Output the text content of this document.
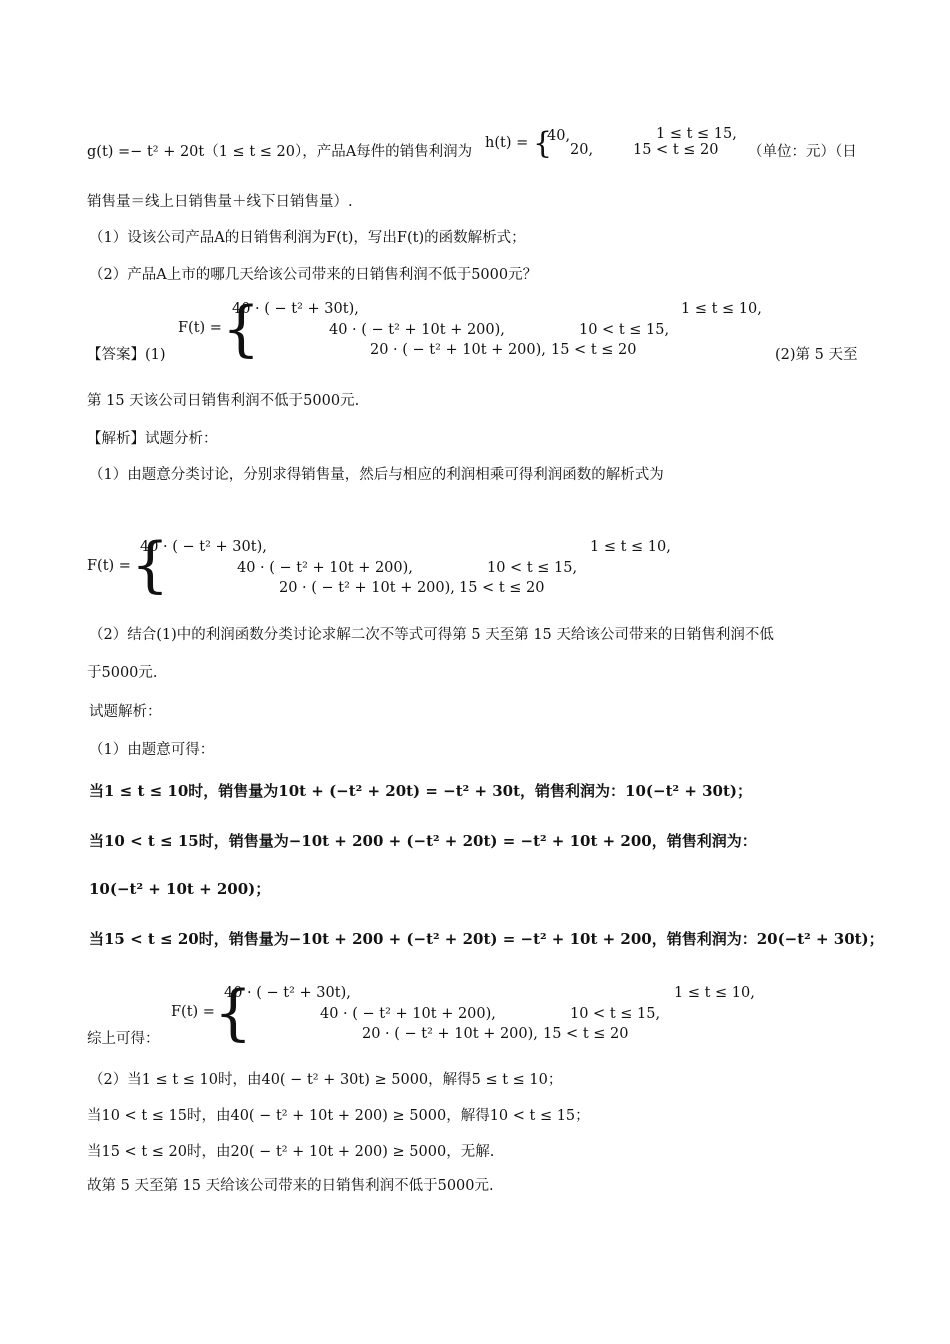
g(t) =− t² + 20t（1 ≤ t ≤ 20），产品A每件的销售利润为
h(t) = {
40,	1 ≤ t ≤ 15,
20,	15 < t ≤ 20 （单位：元）（日
销售量＝线上日销售量＋线下日销售量）.
（1）设该公司产品A的日销售利润为F(t)，写出F(t)的函数解析式；
（2）产品A上市的哪几天给该公司带来的日销售利润不低于5000元？
F(t) = {
40 · ( − t² + 30t),	1 ≤ t ≤ 10,
40 · ( − t² + 10t + 200),	10 < t ≤ 15,
20 · ( − t² + 10t + 200), 15 < t ≤ 20
【答案】(1)	(2)第 5 天至
第 15 天该公司日销售利润不低于5000元.
【解析】试题分析：
（1）由题意分类讨论，分别求得销售量，然后与相应的利润相乘可得利润函数的解析式为
F(t) = {
40 · ( − t² + 30t),	1 ≤ t ≤ 10,
40 · ( − t² + 10t + 200),	10 < t ≤ 15,
20 · ( − t² + 10t + 200), 15 < t ≤ 20
（2）结合(1)中的利润函数分类讨论求解二次不等式可得第 5 天至第 15 天给该公司带来的日销售利润不低
于5000元.
试题解析：
（1）由题意可得：
当1 ≤ t ≤ 10时，销售量为10t + (−t² + 20t) = −t² + 30t，销售利润为：10(−t² + 30t)；
当10 < t ≤ 15时，销售量为−10t + 200 + (−t² + 20t) = −t² + 10t + 200，销售利润为：
10(−t² + 10t + 200)；
当15 < t ≤ 20时，销售量为−10t + 200 + (−t² + 20t) = −t² + 10t + 200，销售利润为：20(−t² + 30t)；
F(t) = {
40 · ( − t² + 30t),	1 ≤ t ≤ 10,
40 · ( − t² + 10t + 200),	10 < t ≤ 15,
20 · ( − t² + 10t + 200), 15 < t ≤ 20
综上可得：
（2）当1 ≤ t ≤ 10时，由40( − t² + 30t) ≥ 5000，解得5 ≤ t ≤ 10；
当10 < t ≤ 15时，由40( − t² + 10t + 200) ≥ 5000，解得10 < t ≤ 15；
当15 < t ≤ 20时，由20( − t² + 10t + 200) ≥ 5000，无解.
故第 5 天至第 15 天给该公司带来的日销售利润不低于5000元.
